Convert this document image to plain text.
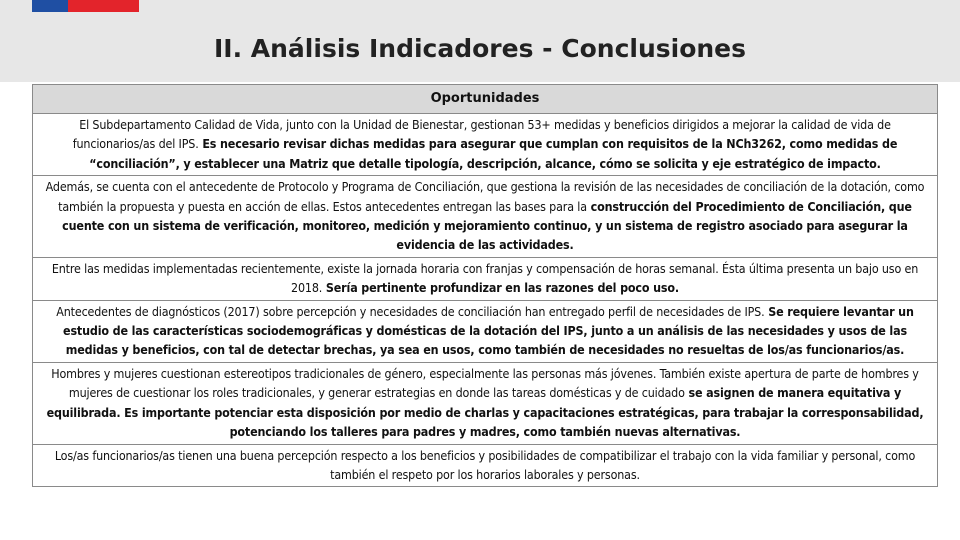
II. Análisis Indicadores - Conclusiones
Oportunidades
El Subdepartamento Calidad de Vida, junto con la Unidad de Bienestar, gestionan 53+ medidas y beneficios dirigidos a mejorar la calidad de vida de funcionarios/as del IPS. Es necesario revisar dichas medidas para asegurar que cumplan con requisitos de la NCh3262, como medidas de “conciliación”, y establecer una Matriz que detalle tipología, descripción, alcance, cómo se solicita y eje estratégico de impacto.
Además, se cuenta con el antecedente de Protocolo y Programa de Conciliación, que gestiona la revisión de las necesidades de conciliación de la dotación, como también la propuesta y puesta en acción de ellas. Estos antecedentes entregan las bases para la construcción del Procedimiento de Conciliación, que cuente con un sistema de verificación, monitoreo, medición y mejoramiento continuo, y un sistema de registro asociado para asegurar la evidencia de las actividades.
Entre las medidas implementadas recientemente, existe la jornada horaria con franjas y compensación de horas semanal. Ésta última presenta un bajo uso en 2018. Sería pertinente profundizar en las razones del poco uso.
Antecedentes de diagnósticos (2017) sobre percepción y necesidades de conciliación han entregado perfil de necesidades de IPS. Se requiere levantar un estudio de las características sociodemográficas y domésticas de la dotación del IPS, junto a un análisis de las necesidades y usos de las medidas y beneficios, con tal de detectar brechas, ya sea en usos, como también de necesidades no resueltas de los/as funcionarios/as.
Hombres y mujeres cuestionan estereotipos tradicionales de género, especialmente las personas más jóvenes. También existe apertura de parte de hombres y mujeres de cuestionar los roles tradicionales, y generar estrategias en donde las tareas domésticas y de cuidado se asignen de manera equitativa y equilibrada. Es importante potenciar esta disposición por medio de charlas y capacitaciones estratégicas, para trabajar la corresponsabilidad, potenciando los talleres para padres y madres, como también nuevas alternativas.
Los/as funcionarios/as tienen una buena percepción respecto a los beneficios y posibilidades de compatibilizar el trabajo con la vida familiar y personal, como también el respeto por los horarios laborales y personas.
